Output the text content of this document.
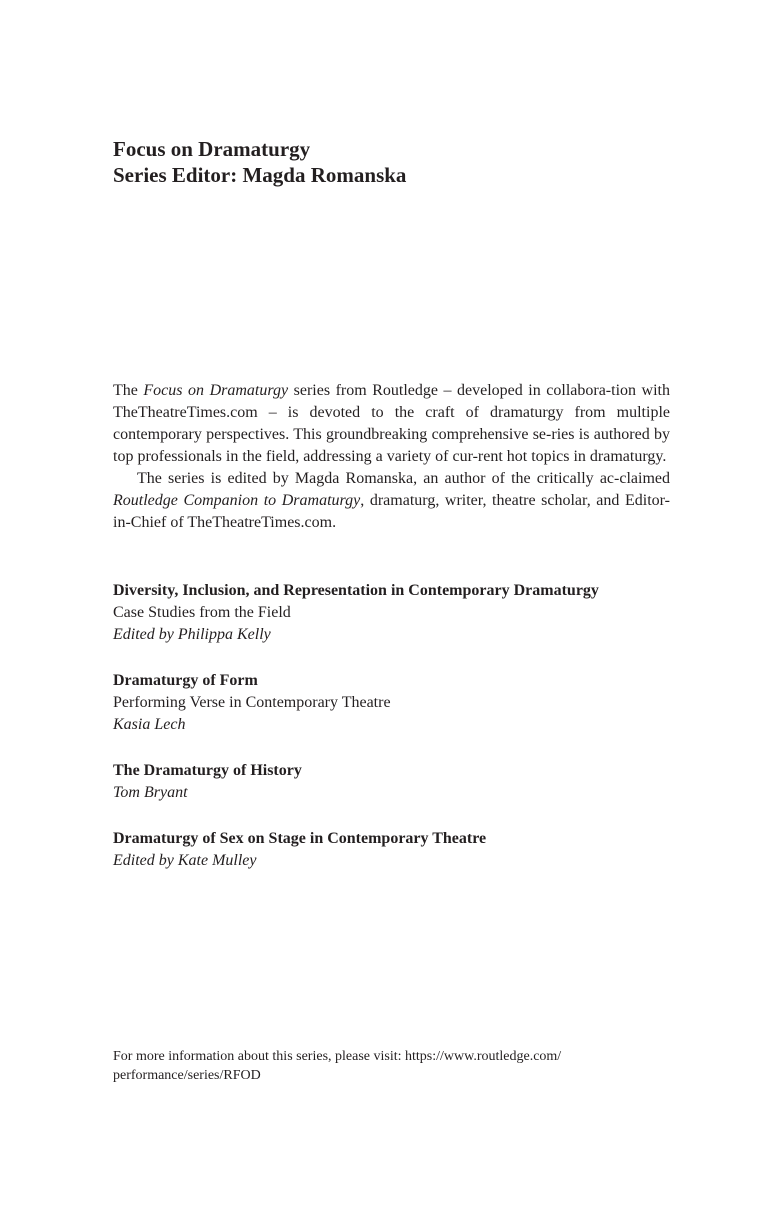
Focus on Dramaturgy
Series Editor: Magda Romanska

The Focus on Dramaturgy series from Routledge – developed in collabora-tion with TheTheatreTimes.com – is devoted to the craft of dramaturgy from multiple contemporary perspectives. This groundbreaking comprehensive se-ries is authored by top professionals in the field, addressing a variety of cur-rent hot topics in dramaturgy.

The series is edited by Magda Romanska, an author of the critically ac-claimed Routledge Companion to Dramaturgy, dramaturg, writer, theatre scholar, and Editor-in-Chief of TheTheatreTimes.com.

Diversity, Inclusion, and Representation in Contemporary Dramaturgy
Case Studies from the Field
Edited by Philippa Kelly
Dramaturgy of Form
Performing Verse in Contemporary Theatre
Kasia Lech
The Dramaturgy of History
Tom Bryant
Dramaturgy of Sex on Stage in Contemporary Theatre
Edited by Kate Mulley

For more information about this series, please visit: https://www.routledge.com/
performance/series/RFOD
